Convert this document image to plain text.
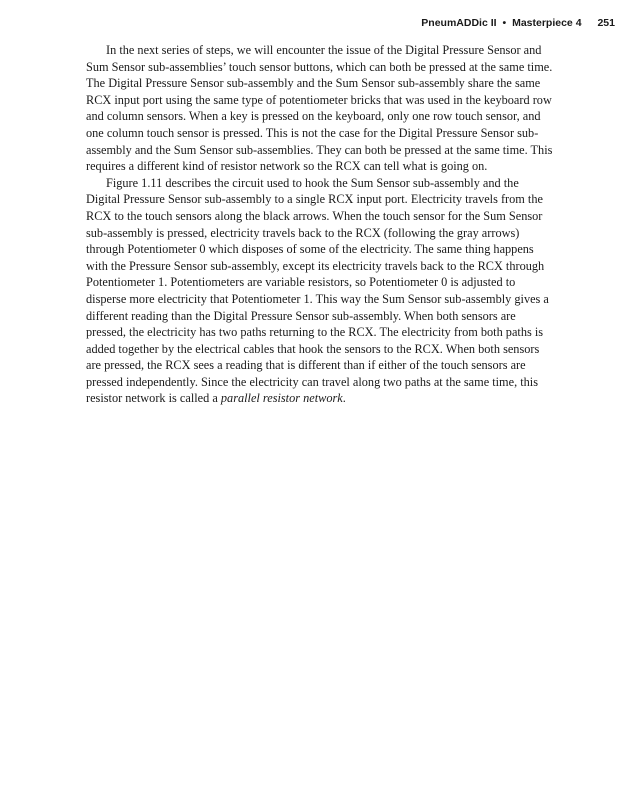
PneumADDic II • Masterpiece 4 251

In the next series of steps, we will encounter the issue of the Digital Pressure Sensor and Sum Sensor sub-assemblies’ touch sensor buttons, which can both be pressed at the same time. The Digital Pressure Sensor sub-assembly and the Sum Sensor sub-assembly share the same RCX input port using the same type of potentiometer bricks that was used in the keyboard row and column sensors. When a key is pressed on the keyboard, only one row touch sensor, and one column touch sensor is pressed. This is not the case for the Digital Pressure Sensor sub-assembly and the Sum Sensor sub-assemblies. They can both be pressed at the same time. This requires a different kind of resistor network so the RCX can tell what is going on.

Figure 1.11 describes the circuit used to hook the Sum Sensor sub-assembly and the Digital Pressure Sensor sub-assembly to a single RCX input port. Electricity travels from the RCX to the touch sensors along the black arrows. When the touch sensor for the Sum Sensor sub-assembly is pressed, electricity travels back to the RCX (following the gray arrows) through Potentiometer 0 which disposes of some of the electricity. The same thing happens with the Pressure Sensor sub-assembly, except its electricity travels back to the RCX through Potentiometer 1. Potentiometers are variable resistors, so Potentiometer 0 is adjusted to disperse more electricity that Potentiometer 1. This way the Sum Sensor sub-assembly gives a different reading than the Digital Pressure Sensor sub-assembly. When both sensors are pressed, the electricity has two paths returning to the RCX. The electricity from both paths is added together by the electrical cables that hook the sensors to the RCX. When both sensors are pressed, the RCX sees a reading that is different than if either of the touch sensors are pressed independently. Since the electricity can travel along two paths at the same time, this resistor network is called a parallel resistor network.
